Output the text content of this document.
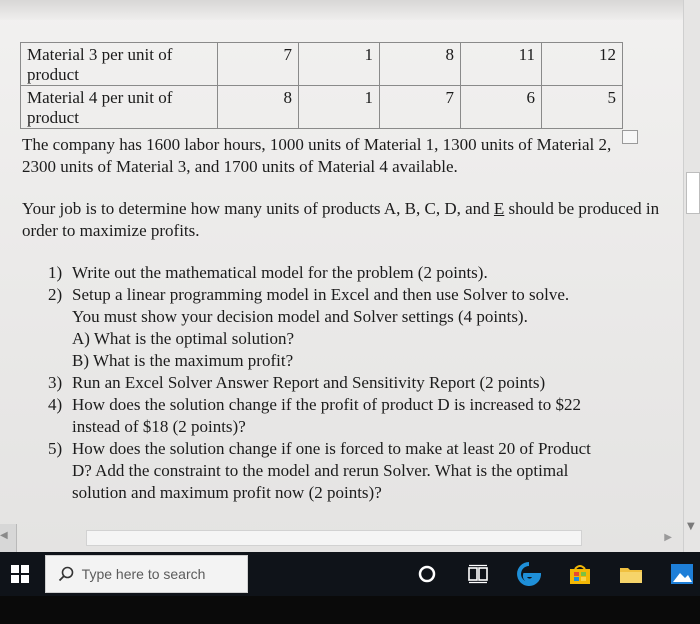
Material 3 per unit of product	7	1	8	11	12
Material 4 per unit of product	8	1	7	6	5
The company has 1600 labor hours, 1000 units of Material 1, 1300 units of Material 2, 2300 units of Material 3, and 1700 units of Material 4 available.
Your job is to determine how many units of products A, B, C, D, and E should be produced in order to maximize profits.
1) Write out the mathematical model for the problem (2 points).
2) Setup a linear programming model in Excel and then use Solver to solve.
You must show your decision model and Solver settings (4 points).
A) What is the optimal solution?
B) What is the maximum profit?
3) Run an Excel Solver Answer Report and Sensitivity Report (2 points)
4) How does the solution change if the profit of product D is increased to $22
instead of $18 (2 points)?
5) How does the solution change if one is forced to make at least 20 of Product
D? Add the constraint to the model and rerun Solver. What is the optimal
solution and maximum profit now (2 points)?
▼
◀	▶
Type here to search
